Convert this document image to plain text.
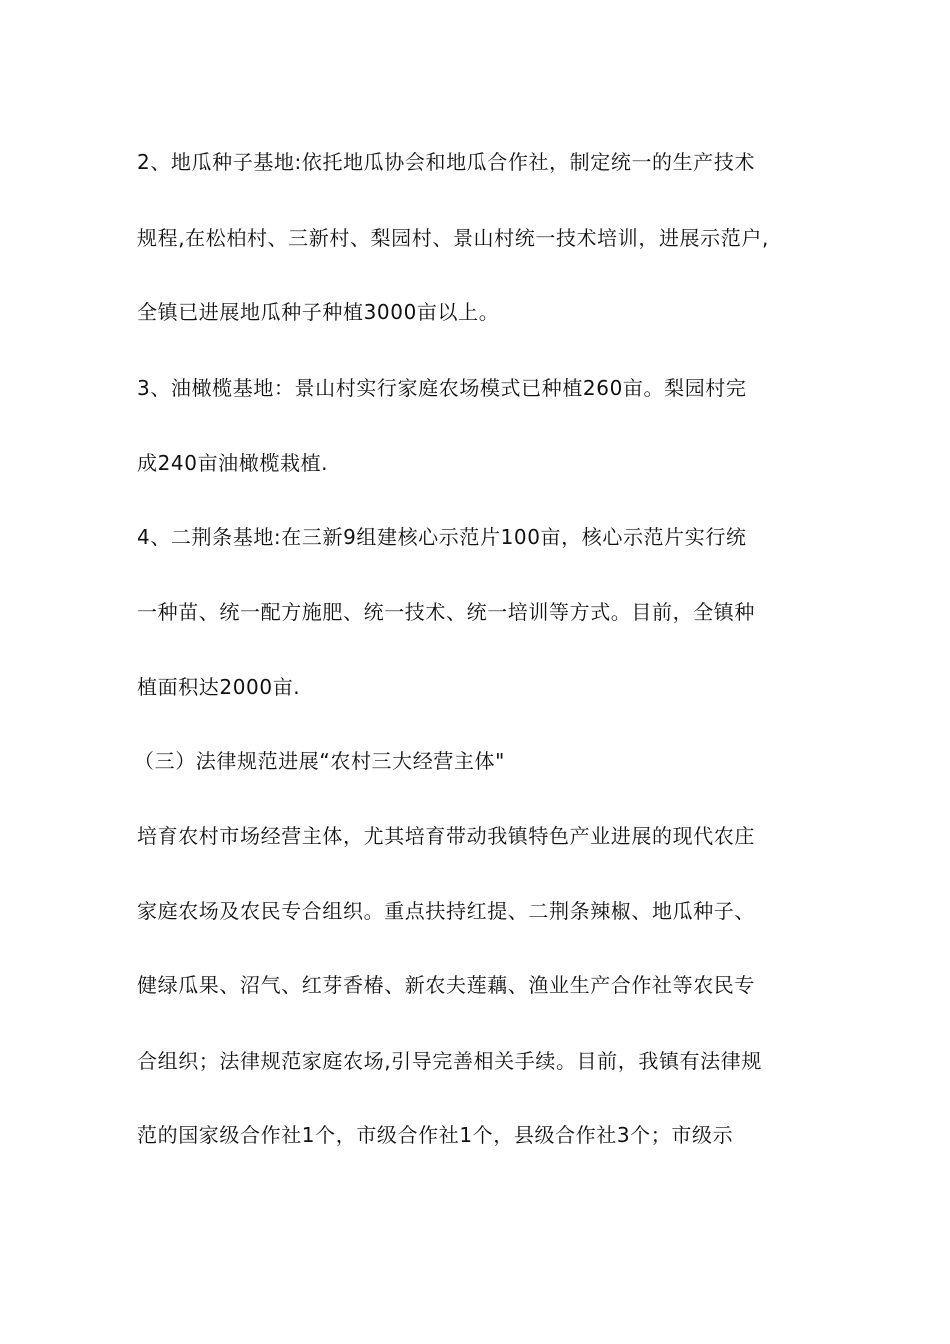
2、地瓜种子基地:依托地瓜协会和地瓜合作社，制定统一的生产技术
规程,在松柏村、三新村、梨园村、景山村统一技术培训，进展示范户,
全镇已进展地瓜种子种植3000亩以上。
3、油橄榄基地：景山村实行家庭农场模式已种植260亩。梨园村完
成240亩油橄榄栽植.
4、二荆条基地:在三新9组建核心示范片100亩，核心示范片实行统
一种苗、统一配方施肥、统一技术、统一培训等方式。目前，全镇种
植面积达2000亩.
（三）法律规范进展“农村三大经营主体"
培育农村市场经营主体，尤其培育带动我镇特色产业进展的现代农庄
家庭农场及农民专合组织。重点扶持红提、二荆条辣椒、地瓜种子、
健绿瓜果、沼气、红芽香椿、新农夫莲藕、渔业生产合作社等农民专
合组织；法律规范家庭农场,引导完善相关手续。目前，我镇有法律规
范的国家级合作社1个，市级合作社1个，县级合作社3个；市级示
